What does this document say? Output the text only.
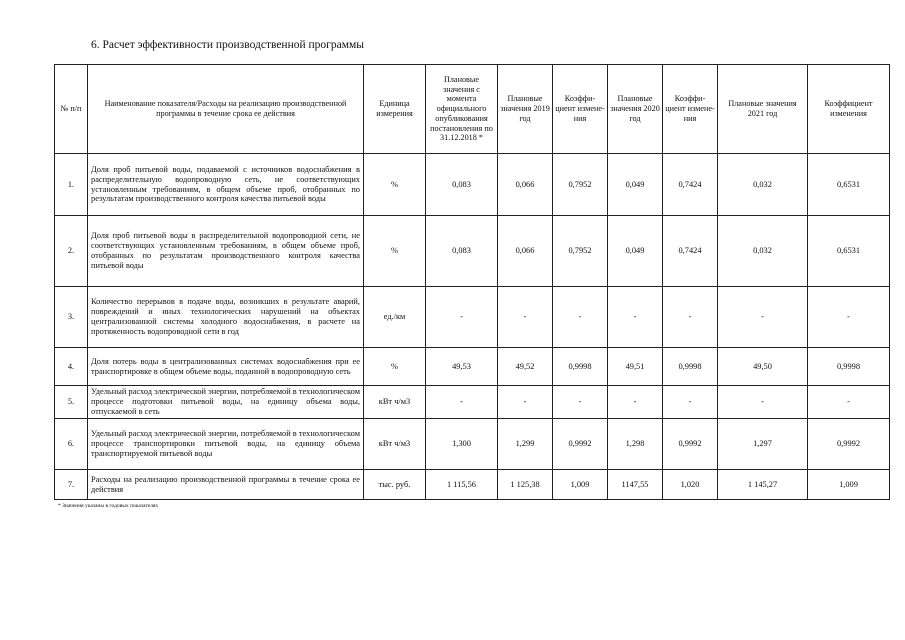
6. Расчет эффективности производственной программы
№ п/п	Наименование показателя/Расходы на реализацию производственной программы в течение срока ее действия	Единица измерения	Плановые значения с момента официального опубликования постановления по 31.12.2018 *	Плановые значения 2019 год	Коэффи-циент измене-ния	Плановые значения 2020 год	Коэффи-циент измене-ния	Плановые значения 2021 год	Коэффициент изменения
1.	Доля проб питьевой воды, подаваемой с источников водоснабжения в распределительную водопроводную сеть, не соответствующих установленным требованиям, в общем объеме проб, отобранных по результатам производственного контроля качества питьевой воды	%	0,083	0,066	0,7952	0,049	0,7424	0,032	0,6531
2.	Доля проб питьевой воды в распределительной водопроводной сети, не соответствующих установленным требованиям, в общем объеме проб, отобранных по результатам производственного контроля качества питьевой воды	%	0,083	0,066	0,7952	0,049	0,7424	0,032	0,6531
3.	Количество перерывов в подаче воды, возникших в результате аварий, повреждений и иных технологических нарушений на объектах централизованной системы холодного водоснабжения, в расчете на протяженность водопроводной сети в год	ед./км	-	-	-	-	-	-	-
4.	Доля потерь воды в централизованных системах водоснабжения при ее транспортировке в общем объеме воды, поданной в водопроводную сеть	%	49,53	49,52	0,9998	49,51	0,9998	49,50	0,9998
5.	Удельный расход электрической энергии, потребляемой в технологическом процессе подготовки питьевой воды, на единицу объема воды, отпускаемой в сеть	кВт ч/м3	-	-	-	-	-	-	-
6.	Удельный расход электрической энергии, потребляемой в технологическом процессе транспортировки питьевой воды, на единицу объема транспортируемой питьевой воды	кВт ч/м3	1,300	1,299	0,9992	1,298	0,9992	1,297	0,9992
7.	Расходы на реализацию производственной программы в течение срока ее действия	тыс. руб.	1 115,56	1 125,38	1,009	1147,55	1,020	1 145,27	1,009
* Значения указаны в годовых показателях
